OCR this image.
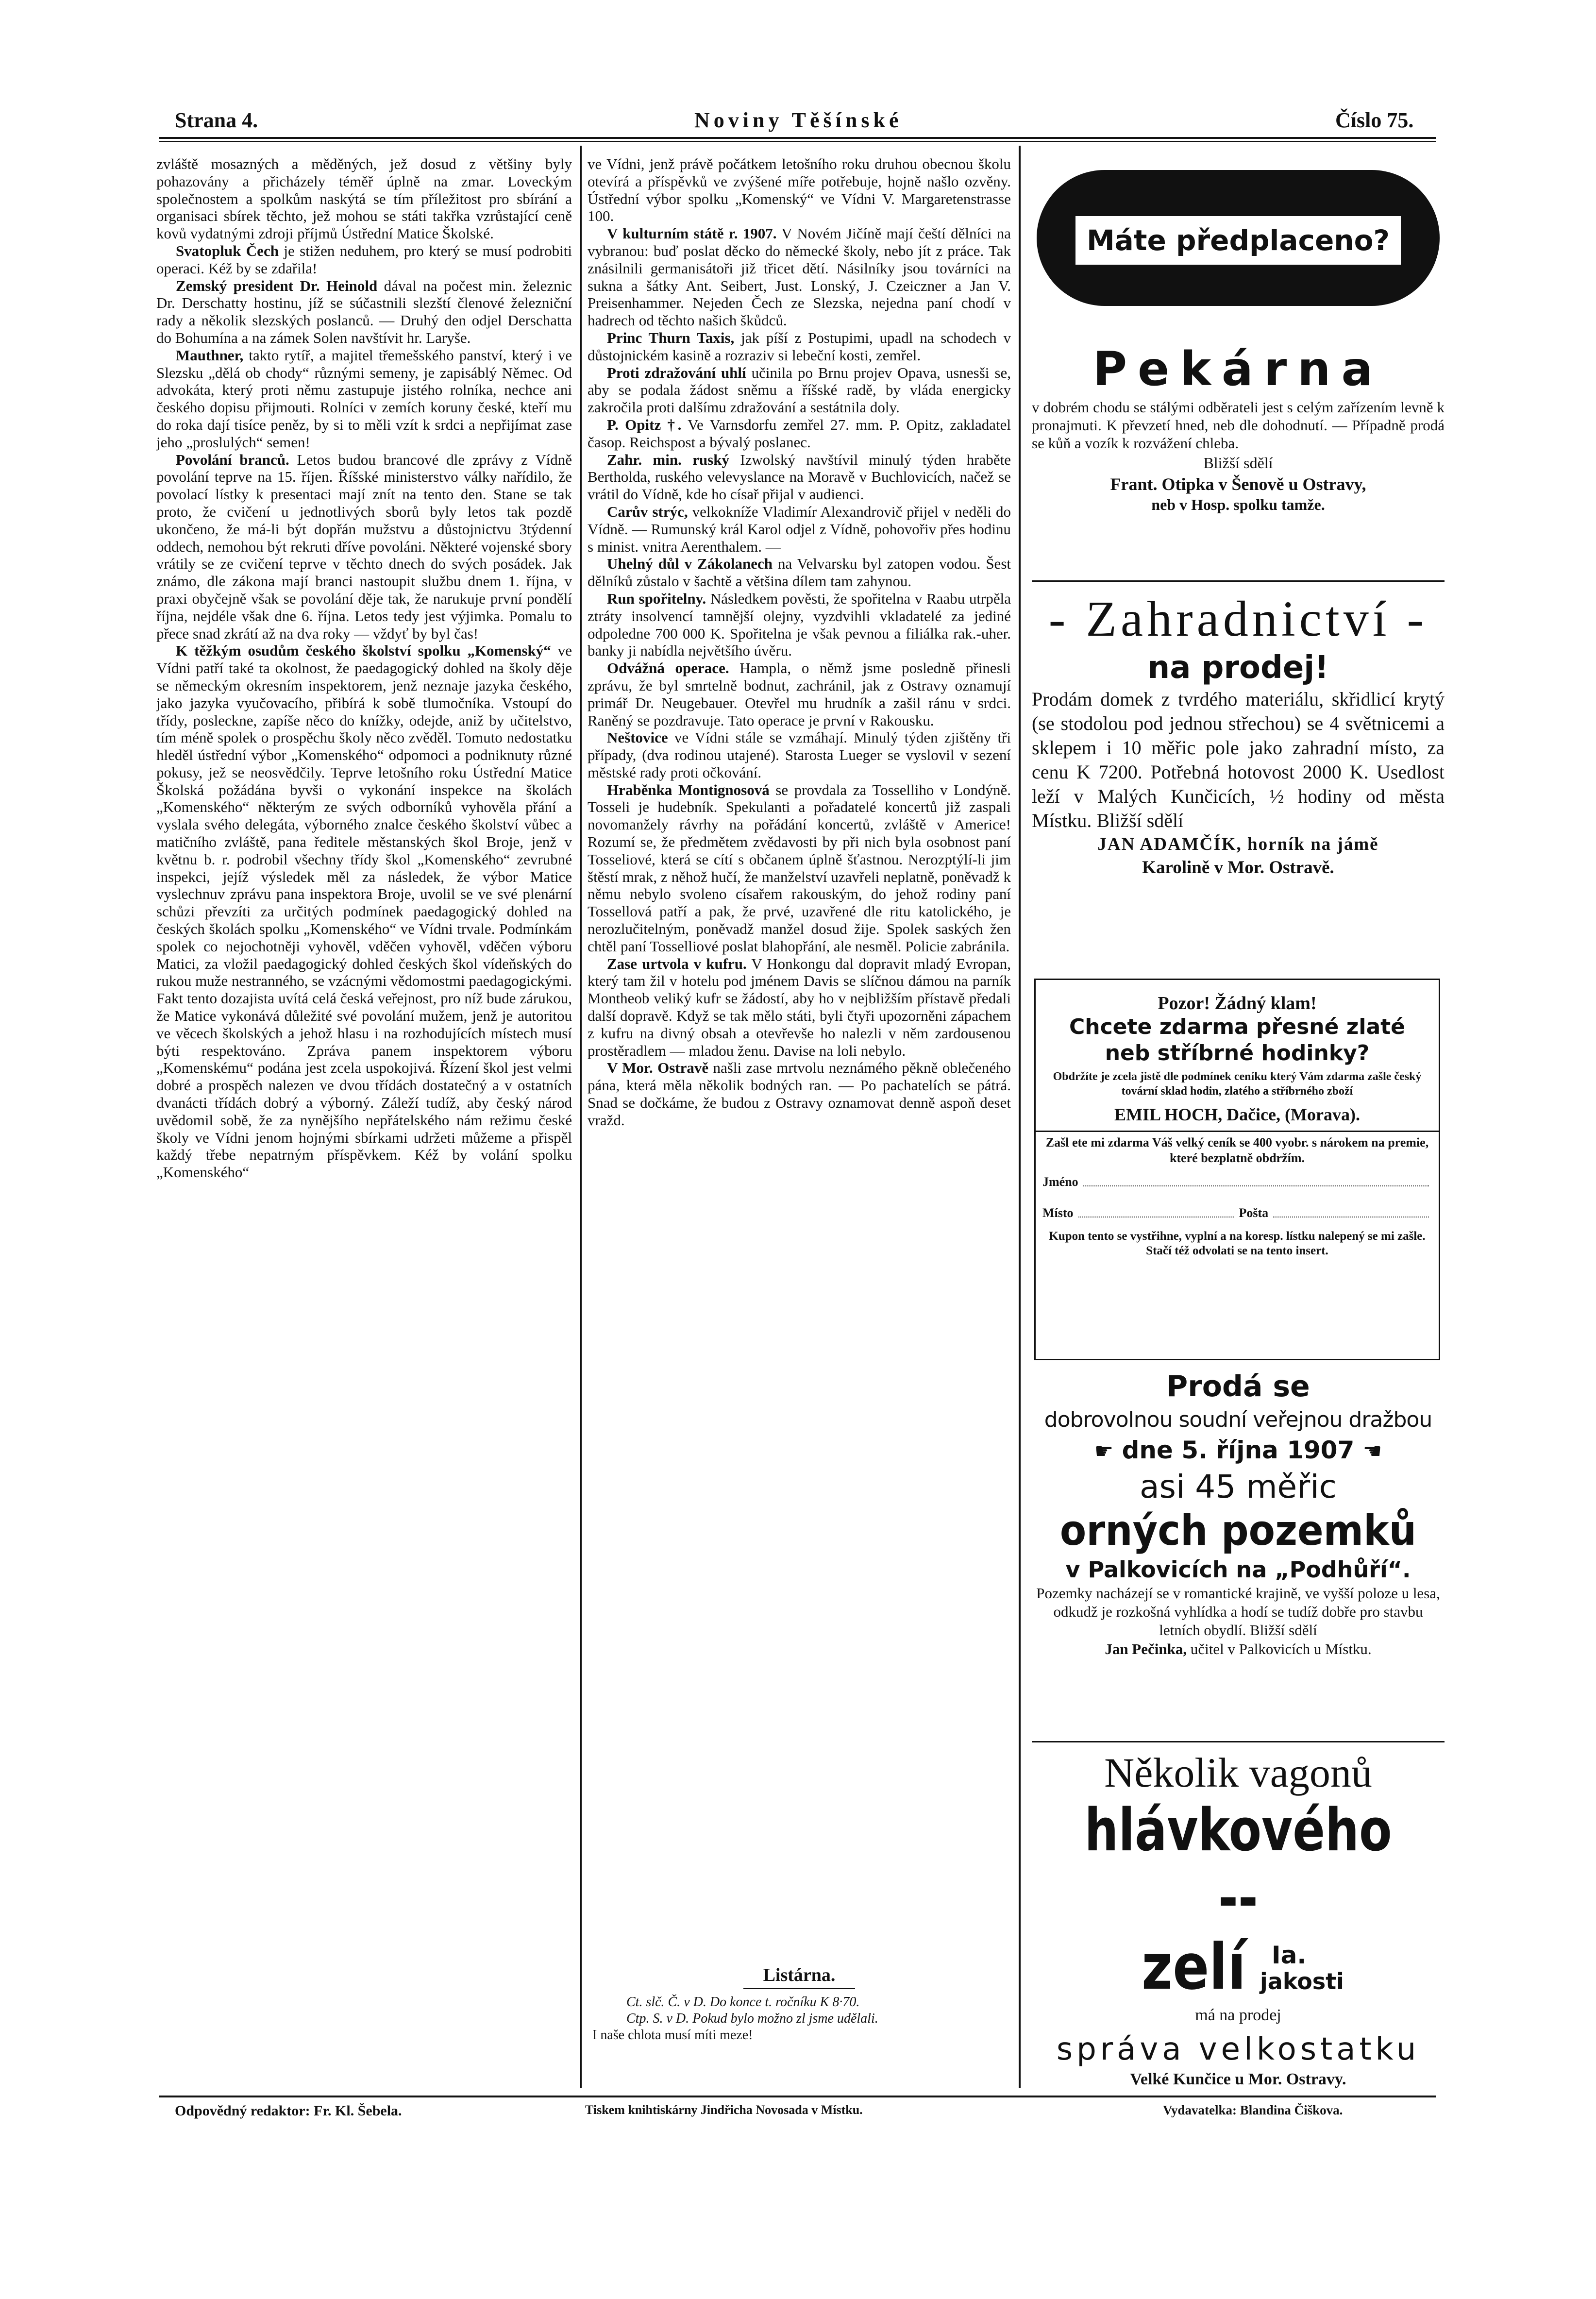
Strana 4.	Noviny Těšínské	Číslo 75.

zvláště mosazných a měděných, jež dosud z většiny byly pohazovány a přicházely téměř úplně na zmar. Loveckým společnostem a spolkům naskýtá se tím příležitost pro sbírání a organisaci sbírek těchto, jež mohou se státi takřka vzrůstající ceně kovů vydatnými zdroji příjmů Ústřední Matice Školské.

Svatopluk Čech je stižen neduhem, pro který se musí podrobiti operaci. Kéž by se zdařila!

Zemský president Dr. Heinold dával na počest min. železnic Dr. Derschatty hostinu, jíž se súčastnili slezští členové železniční rady a několik slezských poslanců. — Druhý den odjel Derschatta do Bohumína a na zámek Solen navštívit hr. Laryše.

Mauthner, takto rytíř, a majitel třemešského panství, který i ve Slezsku „dělá ob chody“ různými semeny, je zapisáblý Němec. Od advokáta, který proti němu zastupuje jistého rolníka, nechce ani českého dopisu přijmouti. Rolníci v zemích koruny české, kteří mu do roka dají tisíce peněz, by si to měli vzít k srdci a nepřijímat zase jeho „proslulých“ semen!

Povolání branců. Letos budou brancové dle zprávy z Vídně povolání teprve na 15. říjen. Říšské ministerstvo války nařídilo, že povolací lístky k presentaci mají znít na tento den. Stane se tak proto, že cvičení u jednotlivých sborů byly letos tak pozdě ukončeno, že má-li být dopřán mužstvu a důstojnictvu 3týdenní oddech, nemohou být rekruti dříve povoláni. Některé vojenské sbory vrátily se ze cvičení teprve v těchto dnech do svých posádek. Jak známo, dle zákona mají branci nastoupit službu dnem 1. října, v praxi obyčejně však se povolání děje tak, že narukuje první pondělí října, nejdéle však dne 6. října. Letos tedy jest výjimka. Pomalu to přece snad zkrátí až na dva roky — vždyť by byl čas!

K těžkým osudům českého školství spolku „Komenský“ ve Vídni patří také ta okolnost, že paedagogický dohled na školy děje se německým okresním inspektorem, jenž neznaje jazyka českého, jako jazyka vyučovacího, přibírá k sobě tlumočníka. Vstoupí do třídy, posleckne, zapíše něco do knížky, odejde, aniž by učitelstvo, tím méně spolek o prospěchu školy něco zvěděl. Tomuto nedostatku hleděl ústřední výbor „Komenského“ odpomoci a podniknuty různé pokusy, jež se neosvědčily. Teprve letošního roku Ústřední Matice Školská požádána byvši o vykonání inspekce na školách „Komenského“ některým ze svých odborníků vyhověla přání a vyslala svého delegáta, výborného znalce českého školství vůbec a matičního zvláště, pana ředitele městanských škol Broje, jenž v květnu b. r. podrobil všechny třídy škol „Komenského“ zevrubné inspekci, jejíž výsledek měl za následek, že výbor Matice vyslechnuv zprávu pana inspektora Broje, uvolil se ve své plenární schůzi převzíti za určitých podmínek paedagogický dohled na českých školách spolku „Komenského“ ve Vídni trvale. Podmínkám spolek co nejochotněji vyhověl, vděčen vyhověl, vděčen výboru Matici, za vložil paedagogický dohled českých škol vídeňských do rukou muže nestranného, se vzácnými vědomostmi paedagogickými. Fakt tento dozajista uvítá celá česká veřejnost, pro níž bude zárukou, že Matice vykonává důležité své povolání mužem, jenž je autoritou ve věcech školských a jehož hlasu i na rozhodujících místech musí býti respektováno. Zpráva panem inspektorem výboru „Komenskému“ podána jest zcela uspokojivá. Řízení škol jest velmi dobré a prospěch nalezen ve dvou třídách dostatečný a v ostatních dvanácti třídách dobrý a výborný. Záleží tudíž, aby český národ uvědomil sobě, že za nynějšího nepřátelského nám režimu české školy ve Vídni jenom hojnými sbírkami udržeti můžeme a přispěl každý třebe nepatrným příspěvkem. Kéž by volání spolku „Komenského“

ve Vídni, jenž právě počátkem letošního roku druhou obecnou školu otevírá a příspěvků ve zvýšené míře potřebuje, hojně našlo ozvěny. Ústřední výbor spolku „Komenský“ ve Vídni V. Margaretenstrasse 100.

V kulturním státě r. 1907. V Novém Jičíně mají čeští dělníci na vybranou: buď poslat děcko do německé školy, nebo jít z práce. Tak znásilnili germanisátoři již třicet dětí. Násilníky jsou továrníci na sukna a šátky Ant. Seibert, Just. Lonský, J. Czeiczner a Jan V. Preisenhammer. Nejeden Čech ze Slezska, nejedna paní chodí v hadrech od těchto našich škůdců.

Princ Thurn Taxis, jak píší z Postupimi, upadl na schodech v důstojnickém kasině a rozraziv si lebeční kosti, zemřel.

Proti zdražování uhlí učinila po Brnu projev Opava, usnesši se, aby se podala žádost sněmu a říšské radě, by vláda energicky zakročila proti dalšímu zdražování a sestátnila doly.

P. Opitz †. Ve Varnsdorfu zemřel 27. mm. P. Opitz, zakladatel časop. Reichspost a bývalý poslanec.

Zahr. min. ruský Izwolský navštívil minulý týden hraběte Bertholda, ruského velevyslance na Moravě v Buchlovicích, načež se vrátil do Vídně, kde ho císař přijal v audienci.

Carův strýc, velkokníže Vladimír Alexandrovič přijel v neděli do Vídně. — Rumunský král Karol odjel z Vídně, pohovořiv přes hodinu s minist. vnitra Aerenthalem. —

Uhelný důl v Zákolanech na Velvarsku byl zatopen vodou. Šest dělníků zůstalo v šachtě a většina dílem tam zahynou.

Run spořitelny. Následkem pověsti, že spořitelna v Raabu utrpěla ztráty insolvencí tamnější olejny, vyzdvihli vkladatelé za jediné odpoledne 700 000 K. Spořitelna je však pevnou a filiálka rak.-uher. banky ji nabídla největšího úvěru.

Odvážná operace. Hampla, o němž jsme posledně přinesli zprávu, že byl smrtelně bodnut, zachránil, jak z Ostravy oznamují primář Dr. Neugebauer. Otevřel mu hrudník a zašil ránu v srdci. Raněný se pozdravuje. Tato operace je první v Rakousku.

Neštovice ve Vídni stále se vzmáhají. Minulý týden zjištěny tři případy, (dva rodinou utajené). Starosta Lueger se vyslovil v sezení městské rady proti očkování.

Hraběnka Montignosová se provdala za Tosselliho v Londýně. Tosseli je hudebník. Spekulanti a pořadatelé koncertů již zaspali novomanžely rávrhy na pořádání koncertů, zvláště v Americe! Rozumí se, že předmětem zvědavosti by při nich byla osobnost paní Tosseliové, která se cítí s občanem úplně šťastnou. Nerozptýlí-li jim štěstí mrak, z něhož hučí, že manželství uzavřeli neplatně, poněvadž k němu nebylo svoleno císařem rakouským, do jehož rodiny paní Tossellová patří a pak, že prvé, uzavřené dle ritu katolického, je nerozlučitelným, poněvadž manžel dosud žije. Spolek saských žen chtěl paní Tosselliové poslat blahopřání, ale nesměl. Policie zabránila.

Zase urtvola v kufru. V Honkongu dal dopravit mladý Evropan, který tam žil v hotelu pod jménem Davis se slíčnou dámou na parník Montheob veliký kufr se žádostí, aby ho v nejbližším přístavě předali další dopravě. Když se tak mělo státi, byli čtyři upozorněni zápachem z kufru na divný obsah a otevřevše ho nalezli v něm zardousenou prostěradlem — mladou ženu. Davise na loli nebylo.

V Mor. Ostravě našli zase mrtvolu neznámého pěkně oblečeného pána, která měla několik bodných ran. — Po pachatelích se pátrá. Snad se dočkáme, že budou z Ostravy oznamovat denně aspoň deset vražd.

Listárna.
Ct. slč. Č. v D. Do konce t. ročníku K 8·70.
Ctp. S. v D. Pokud bylo možno zl jsme udělali.
I naše chlota musí míti meze!
Máte předplaceno?
Pekárna

v dobrém chodu se stálými odběrateli jest s celým zařízením levně k pronajmuti. K převzetí hned, neb dle dohodnutí. — Případně prodá se kůň a vozík k rozvážení chleba.

Bližší sdělí

Frant. Otipka v Šenově u Ostravy,

neb v Hosp. spolku tamže.

- Zahradnictví -
na prodej!

Prodám domek z tvrdého materiálu, skřidlicí krytý (se stodolou pod jednou střechou) se 4 světnicemi a sklepem i 10 měřic pole jako zahradní místo, za cenu K 7200. Potřebná hotovost 2000 K. Usedlost leží v Malých Kunčicích, ½ hodiny od města Místku. Bližší sdělí

JAN ADAMČÍK, horník na jámě

Karolině v Mor. Ostravě.

Pozor! Žádný klam!
Chcete zdarma přesné zlaté
neb stříbrné hodinky?

Obdržíte je zcela jistě dle podmínek ceníku který Vám zdarma zašle český tovární sklad hodin, zlatého a stříbrného zboží

EMIL HOCH, Dačice, (Morava).

Zašl ete mi zdarma Váš velký ceník se 400 vyobr. s nárokem na premie, které bezplatně obdržím.

Jméno
Místo	Pošta

Kupon tento se vystřihne, vyplní a na koresp. lístku nalepený se mi zašle. Stačí též odvolati se na tento insert.

Prodá se
dobrovolnou soudní veřejnou dražbou
☛ dne 5. října 1907 ☚
asi 45 měřic
orných pozemků
v Palkovicích na „Podhůří“.

Pozemky nacházejí se v romantické krajině, ve vyšší poloze u lesa, odkudž je rozkošná vyhlídka a hodí se tudíž dobře pro stavbu letních obydlí. Bližší sdělí

Jan Pečinka, učitel v Palkovicích u Místku.

Několik vagonů
hlávkového --
zelí	Ia.
jakosti
má na prodej
správa velkostatku
Velké Kunčice u Mor. Ostravy.
Odpovědný redaktor: Fr. Kl. Šebela.	Tiskem knihtiskárny Jindřicha Novosada v Místku.	Vydavatelka: Blandina Čiškova.
